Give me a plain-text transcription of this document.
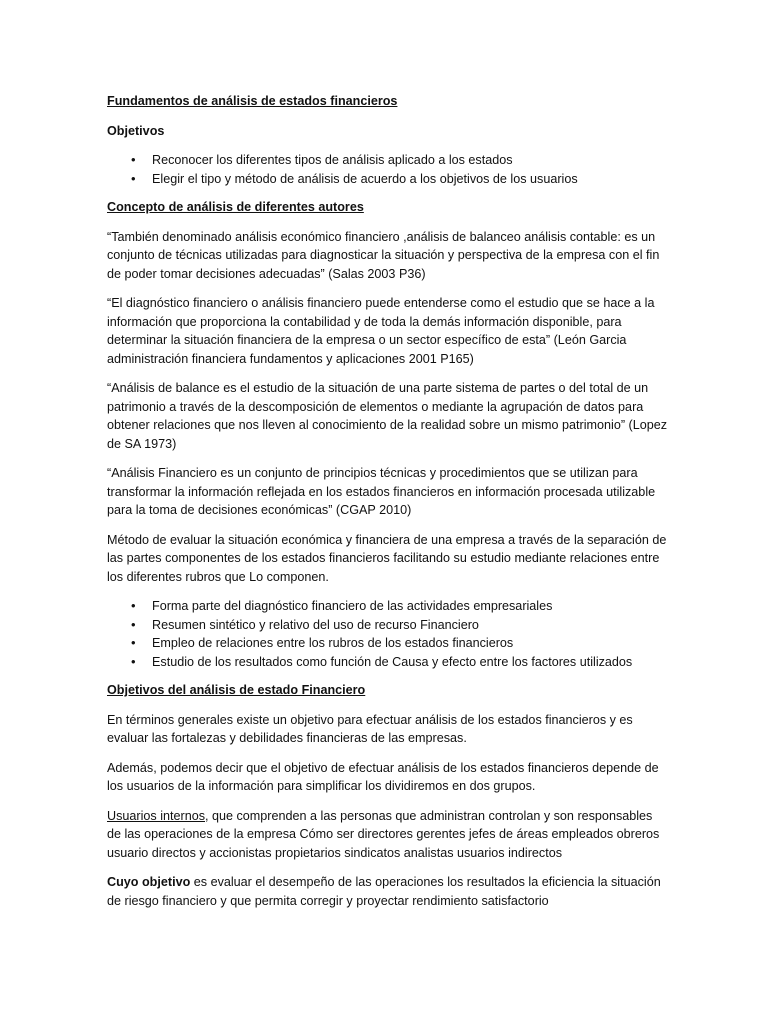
Fundamentos de análisis de estados financieros

Objetivos

• Reconocer los diferentes tipos de análisis aplicado a los estados
• Elegir el tipo y método de análisis de acuerdo a los objetivos de los usuarios

Concepto de análisis de diferentes autores

“También denominado análisis económico financiero ,análisis de balanceo análisis contable: es un conjunto de técnicas utilizadas para diagnosticar la situación y perspectiva de la empresa con el fin de poder tomar decisiones adecuadas” (Salas 2003 P36)

“El diagnóstico financiero o análisis financiero puede entenderse como el estudio que se hace a la información que proporciona la contabilidad y de toda la demás información disponible, para determinar la situación financiera de la empresa o un sector específico de esta” (León Garcia administración financiera fundamentos y aplicaciones 2001 P165)

“Análisis de balance es el estudio de la situación de una parte sistema de partes o del total de un patrimonio a través de la descomposición de elementos o mediante la agrupación de datos para obtener relaciones que nos lleven al conocimiento de la realidad sobre un mismo patrimonio” (Lopez de SA 1973)

“Análisis Financiero es un conjunto de principios técnicas y procedimientos que se utilizan para transformar la información reflejada en los estados financieros en información procesada utilizable para la toma de decisiones económicas” (CGAP 2010)

Método de evaluar la situación económica y financiera de una empresa a través de la separación de las partes componentes de los estados financieros facilitando su estudio mediante relaciones entre los diferentes rubros que Lo componen.

• Forma parte del diagnóstico financiero de las actividades empresariales
• Resumen sintético y relativo del uso de recurso Financiero
• Empleo de relaciones entre los rubros de los estados financieros
• Estudio de los resultados como función de Causa y efecto entre los factores utilizados

Objetivos del análisis de estado Financiero

En términos generales existe un objetivo para efectuar análisis de los estados financieros y es evaluar las fortalezas y debilidades financieras de las empresas.

Además, podemos decir que el objetivo de efectuar análisis de los estados financieros depende de los usuarios de la información para simplificar los dividiremos en dos grupos.

Usuarios internos, que comprenden a las personas que administran controlan y son responsables de las operaciones de la empresa Cómo ser directores gerentes jefes de áreas empleados obreros usuario directos y accionistas propietarios sindicatos analistas usuarios indirectos

Cuyo objetivo es evaluar el desempeño de las operaciones los resultados la eficiencia la situación de riesgo financiero y que permita corregir y proyectar rendimiento satisfactorio
